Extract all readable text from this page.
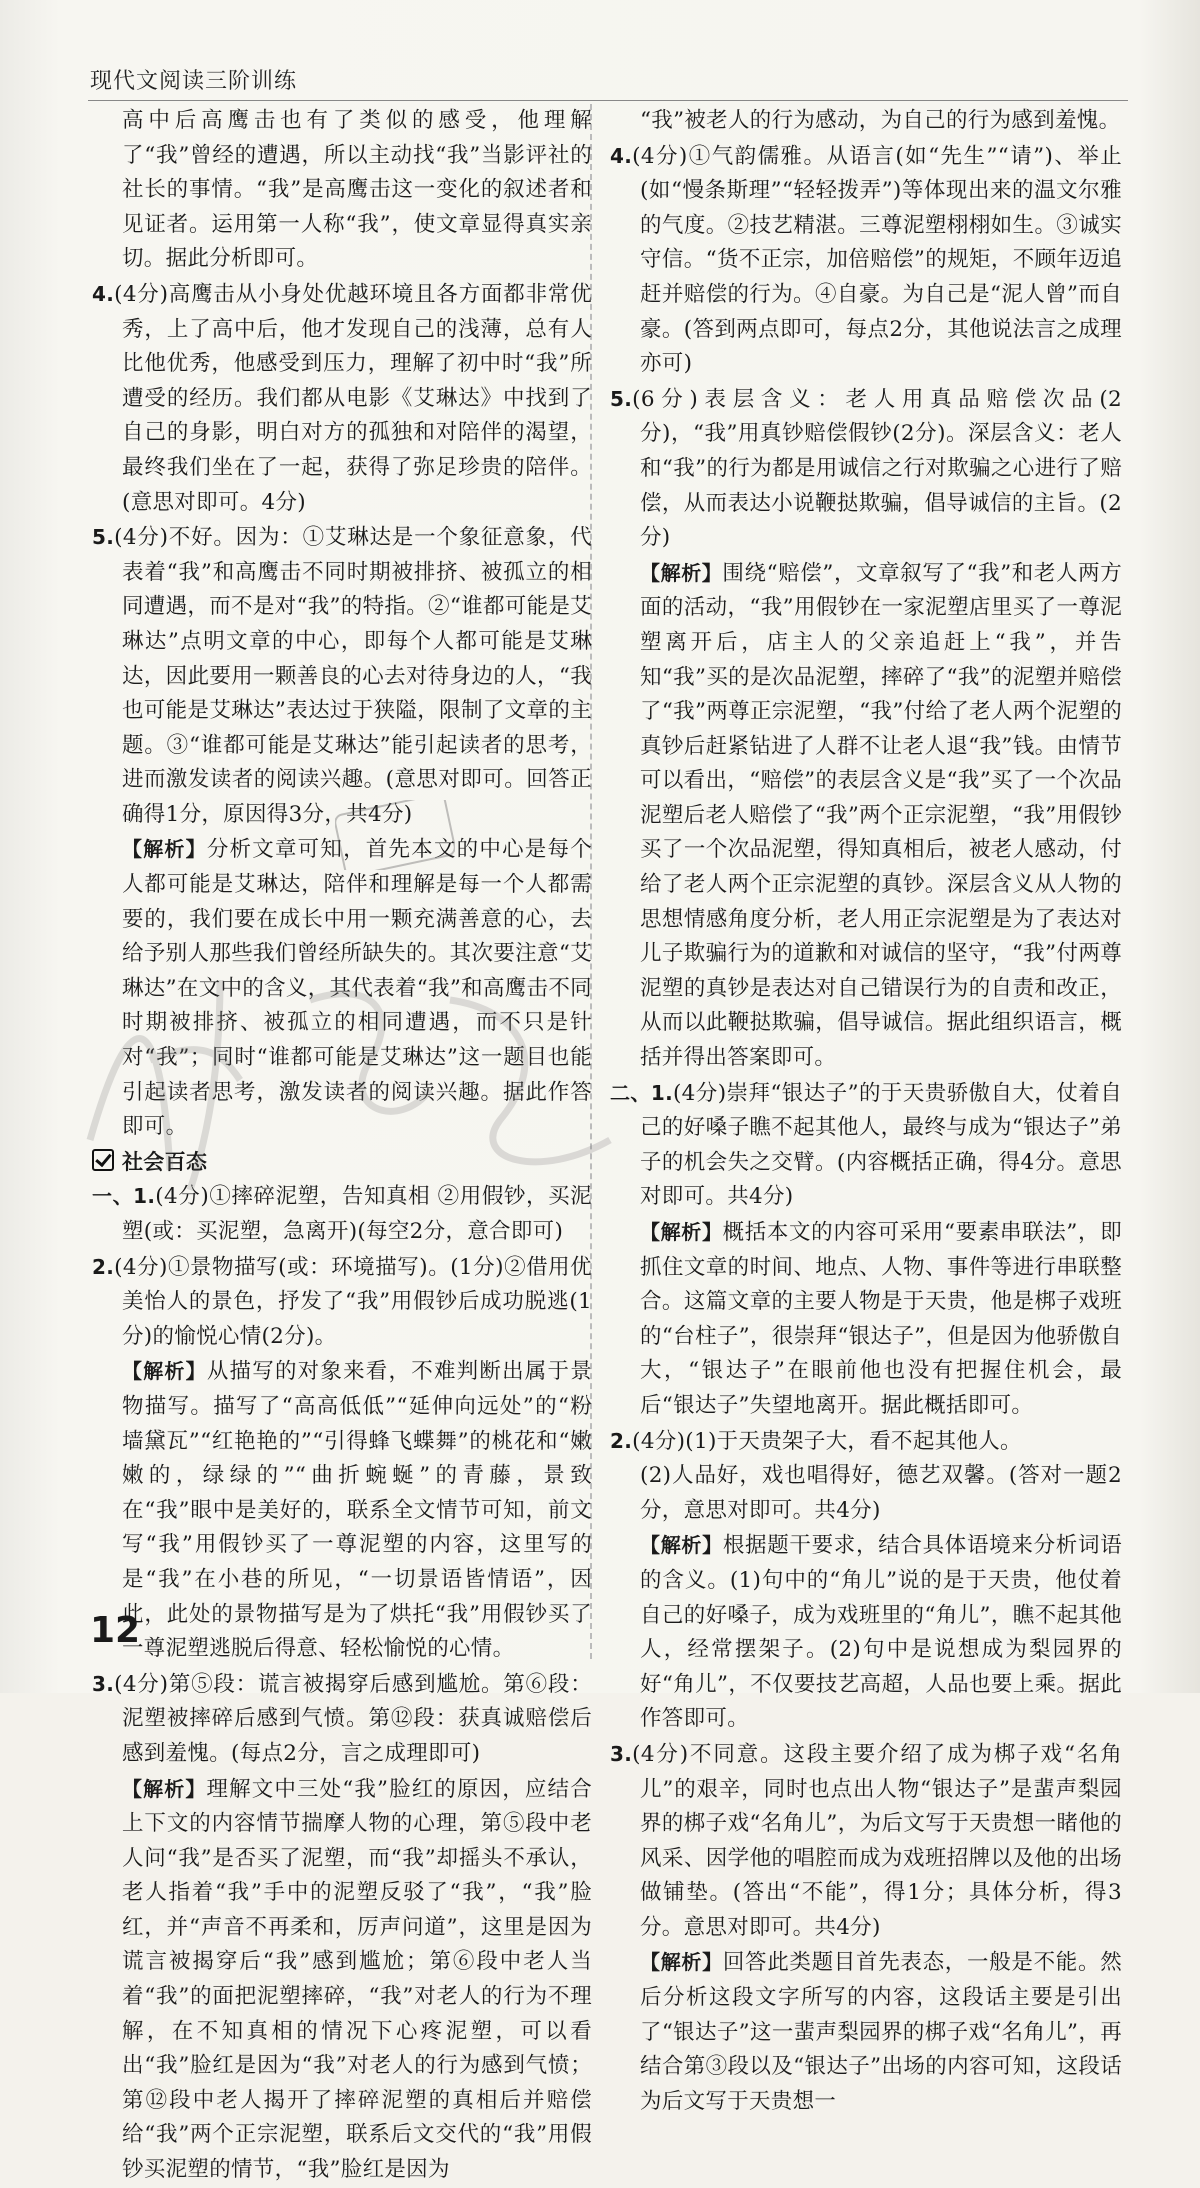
现代文阅读三阶训练

高中后高鹰击也有了类似的感受，他理解了“我”曾经的遭遇，所以主动找“我”当影评社的社长的事情。“我”是高鹰击这一变化的叙述者和见证者。运用第一人称“我”，使文章显得真实亲切。据此分析即可。

4.(4分)高鹰击从小身处优越环境且各方面都非常优秀，上了高中后，他才发现自己的浅薄，总有人比他优秀，他感受到压力，理解了初中时“我”所遭受的经历。我们都从电影《艾琳达》中找到了自己的身影，明白对方的孤独和对陪伴的渴望，最终我们坐在了一起，获得了弥足珍贵的陪伴。(意思对即可。4分)

5.(4分)不好。因为：①艾琳达是一个象征意象，代表着“我”和高鹰击不同时期被排挤、被孤立的相同遭遇，而不是对“我”的特指。②“谁都可能是艾琳达”点明文章的中心，即每个人都可能是艾琳达，因此要用一颗善良的心去对待身边的人，“我也可能是艾琳达”表达过于狭隘，限制了文章的主题。③“谁都可能是艾琳达”能引起读者的思考，进而激发读者的阅读兴趣。(意思对即可。回答正确得1分，原因得3分，共4分)

【解析】分析文章可知，首先本文的中心是每个人都可能是艾琳达，陪伴和理解是每一个人都需要的，我们要在成长中用一颗充满善意的心，去给予别人那些我们曾经所缺失的。其次要注意“艾琳达”在文中的含义，其代表着“我”和高鹰击不同时期被排挤、被孤立的相同遭遇，而不只是针对“我”；同时“谁都可能是艾琳达”这一题目也能引起读者思考，激发读者的阅读兴趣。据此作答即可。

社会百态

一、1.(4分)①摔碎泥塑，告知真相 ②用假钞，买泥塑(或：买泥塑，急离开)(每空2分，意合即可)

2.(4分)①景物描写(或：环境描写)。(1分)②借用优美怡人的景色，抒发了“我”用假钞后成功脱逃(1分)的愉悦心情(2分)。

【解析】从描写的对象来看，不难判断出属于景物描写。描写了“高高低低”“延伸向远处”的“粉墙黛瓦”“红艳艳的”“引得蜂飞蝶舞”的桃花和“嫩嫩的，绿绿的”“曲折蜿蜒”的青藤，景致在“我”眼中是美好的，联系全文情节可知，前文写“我”用假钞买了一尊泥塑的内容，这里写的是“我”在小巷的所见，“一切景语皆情语”，因此，此处的景物描写是为了烘托“我”用假钞买了一尊泥塑逃脱后得意、轻松愉悦的心情。

3.(4分)第⑤段：谎言被揭穿后感到尴尬。第⑥段：泥塑被摔碎后感到气愤。第⑫段：获真诚赔偿后感到羞愧。(每点2分，言之成理即可)

【解析】理解文中三处“我”脸红的原因，应结合上下文的内容情节揣摩人物的心理，第⑤段中老人问“我”是否买了泥塑，而“我”却摇头不承认，老人指着“我”手中的泥塑反驳了“我”，“我”脸红，并“声音不再柔和，厉声问道”，这里是因为谎言被揭穿后“我”感到尴尬；第⑥段中老人当着“我”的面把泥塑摔碎，“我”对老人的行为不理解，在不知真相的情况下心疼泥塑，可以看出“我”脸红是因为“我”对老人的行为感到气愤；第⑫段中老人揭开了摔碎泥塑的真相后并赔偿给“我”两个正宗泥塑，联系后文交代的“我”用假钞买泥塑的情节，“我”脸红是因为

“我”被老人的行为感动，为自己的行为感到羞愧。

4.(4分)①气韵儒雅。从语言(如“先生”“请”)、举止(如“慢条斯理”“轻轻拨弄”)等体现出来的温文尔雅的气度。②技艺精湛。三尊泥塑栩栩如生。③诚实守信。“货不正宗，加倍赔偿”的规矩，不顾年迈追赶并赔偿的行为。④自豪。为自己是“泥人曾”而自豪。(答到两点即可，每点2分，其他说法言之成理亦可)

5.(6分)表层含义：老人用真品赔偿次品(2分)，“我”用真钞赔偿假钞(2分)。深层含义：老人和“我”的行为都是用诚信之行对欺骗之心进行了赔偿，从而表达小说鞭挞欺骗，倡导诚信的主旨。(2分)

【解析】围绕“赔偿”，文章叙写了“我”和老人两方面的活动，“我”用假钞在一家泥塑店里买了一尊泥塑离开后，店主人的父亲追赶上“我”，并告知“我”买的是次品泥塑，摔碎了“我”的泥塑并赔偿了“我”两尊正宗泥塑，“我”付给了老人两个泥塑的真钞后赶紧钻进了人群不让老人退“我”钱。由情节可以看出，“赔偿”的表层含义是“我”买了一个次品泥塑后老人赔偿了“我”两个正宗泥塑，“我”用假钞买了一个次品泥塑，得知真相后，被老人感动，付给了老人两个正宗泥塑的真钞。深层含义从人物的思想情感角度分析，老人用正宗泥塑是为了表达对儿子欺骗行为的道歉和对诚信的坚守，“我”付两尊泥塑的真钞是表达对自己错误行为的自责和改正，从而以此鞭挞欺骗，倡导诚信。据此组织语言，概括并得出答案即可。

二、1.(4分)崇拜“银达子”的于天贵骄傲自大，仗着自己的好嗓子瞧不起其他人，最终与成为“银达子”弟子的机会失之交臂。(内容概括正确，得4分。意思对即可。共4分)

【解析】概括本文的内容可采用“要素串联法”，即抓住文章的时间、地点、人物、事件等进行串联整合。这篇文章的主要人物是于天贵，他是梆子戏班的“台柱子”，很崇拜“银达子”，但是因为他骄傲自大，“银达子”在眼前他也没有把握住机会，最后“银达子”失望地离开。据此概括即可。

2.(4分)(1)于天贵架子大，看不起其他人。

(2)人品好，戏也唱得好，德艺双馨。(答对一题2分，意思对即可。共4分)

【解析】根据题干要求，结合具体语境来分析词语的含义。(1)句中的“角儿”说的是于天贵，他仗着自己的好嗓子，成为戏班里的“角儿”，瞧不起其他人，经常摆架子。(2)句中是说想成为梨园界的好“角儿”，不仅要技艺高超，人品也要上乘。据此作答即可。

3.(4分)不同意。这段主要介绍了成为梆子戏“名角儿”的艰辛，同时也点出人物“银达子”是蜚声梨园界的梆子戏“名角儿”，为后文写于天贵想一睹他的风采、因学他的唱腔而成为戏班招牌以及他的出场做铺垫。(答出“不能”，得1分；具体分析，得3分。意思对即可。共4分)

【解析】回答此类题目首先表态，一般是不能。然后分析这段文字所写的内容，这段话主要是引出了“银达子”这一蜚声梨园界的梆子戏“名角儿”，再结合第③段以及“银达子”出场的内容可知，这段话为后文写于天贵想一

12
